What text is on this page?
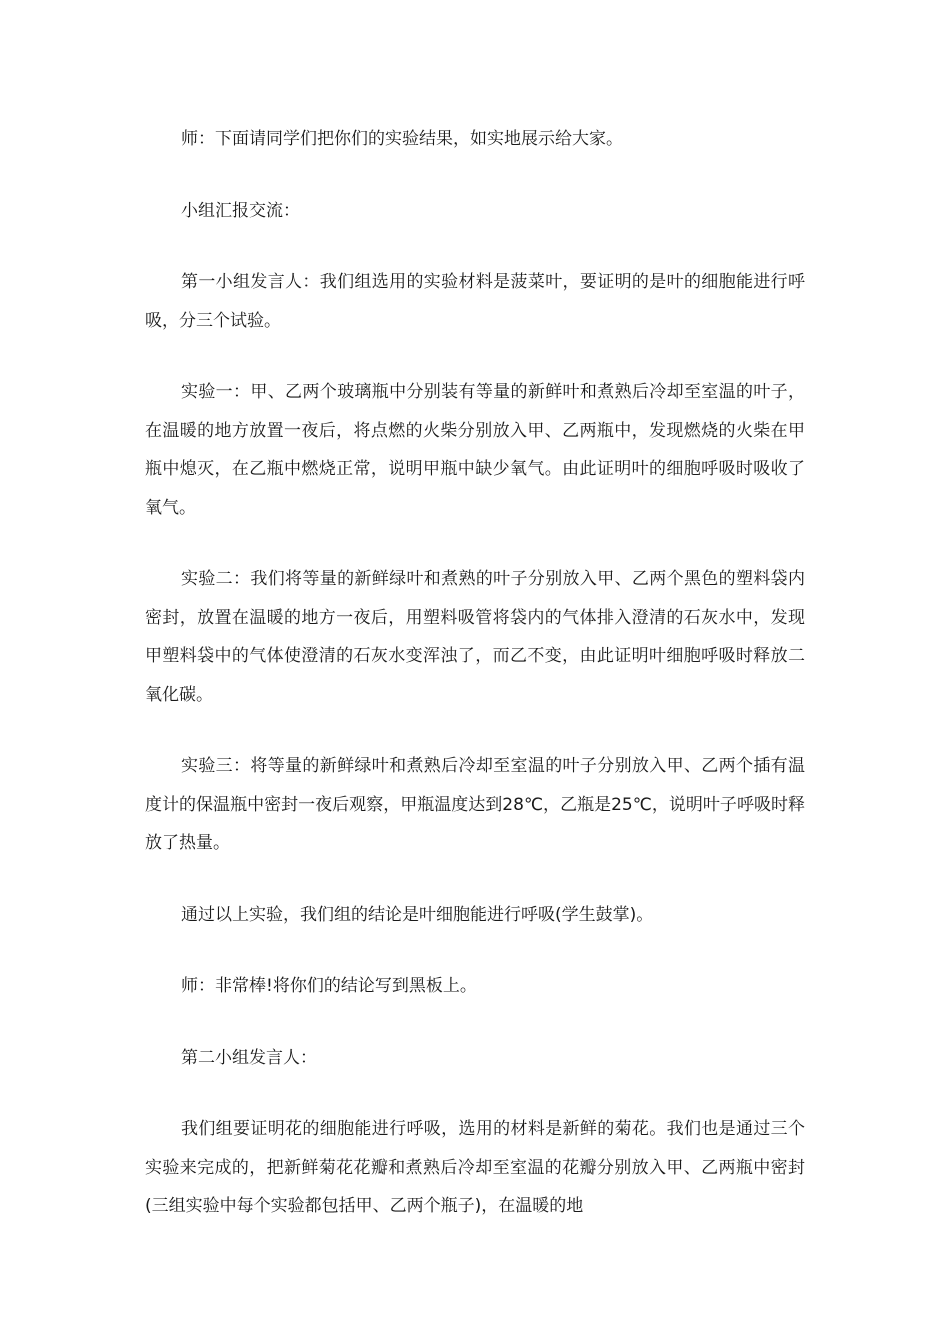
师：下面请同学们把你们的实验结果，如实地展示给大家。

小组汇报交流：

第一小组发言人：我们组选用的实验材料是菠菜叶，要证明的是叶的细胞能进行呼吸，分三个试验。

实验一：甲、乙两个玻璃瓶中分别装有等量的新鲜叶和煮熟后冷却至室温的叶子，在温暖的地方放置一夜后，将点燃的火柴分别放入甲、乙两瓶中，发现燃烧的火柴在甲瓶中熄灭，在乙瓶中燃烧正常，说明甲瓶中缺少氧气。由此证明叶的细胞呼吸时吸收了氧气。

实验二：我们将等量的新鲜绿叶和煮熟的叶子分别放入甲、乙两个黑色的塑料袋内密封，放置在温暖的地方一夜后，用塑料吸管将袋内的气体排入澄清的石灰水中，发现甲塑料袋中的气体使澄清的石灰水变浑浊了，而乙不变，由此证明叶细胞呼吸时释放二氧化碳。

实验三：将等量的新鲜绿叶和煮熟后冷却至室温的叶子分别放入甲、乙两个插有温度计的保温瓶中密封一夜后观察，甲瓶温度达到28℃，乙瓶是25℃，说明叶子呼吸时释放了热量。

通过以上实验，我们组的结论是叶细胞能进行呼吸(学生鼓掌)。

师：非常棒!将你们的结论写到黑板上。

第二小组发言人：

我们组要证明花的细胞能进行呼吸，选用的材料是新鲜的菊花。我们也是通过三个实验来完成的，把新鲜菊花花瓣和煮熟后冷却至室温的花瓣分别放入甲、乙两瓶中密封(三组实验中每个实验都包括甲、乙两个瓶子)，在温暖的地
